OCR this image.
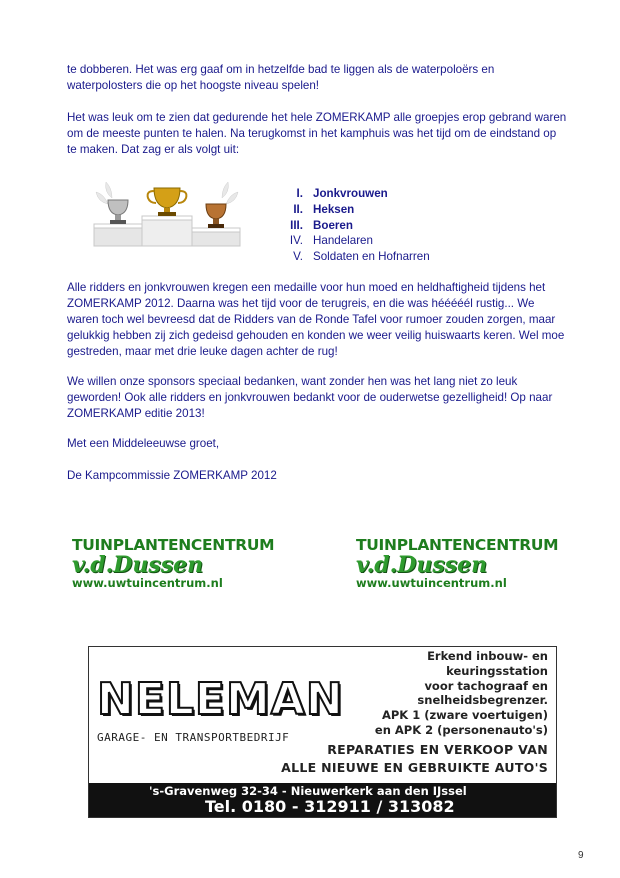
te dobberen. Het was erg gaaf om in hetzelfde bad te liggen als de waterpoloërs en waterpolosters die op het hoogste niveau spelen!

Het was leuk om te zien dat gedurende het hele ZOMERKAMP alle groepjes erop gebrand waren om de meeste punten te halen. Na terugkomst in het kamphuis was het tijd om de eindstand op te maken. Dat zag er als volgt uit:

I. Jonkvrouwen
II. Heksen
III. Boeren
IV. Handelaren
V. Soldaten en Hofnarren

Alle ridders en jonkvrouwen kregen een medaille voor hun moed en heldhaftigheid tijdens het ZOMERKAMP 2012. Daarna was het tijd voor de terugreis, en die was hééééél rustig... We waren toch wel bevreesd dat de Ridders van de Ronde Tafel voor rumoer zouden zorgen, maar gelukkig hebben zij zich gedeisd gehouden en konden we weer veilig huiswaarts keren. Wel moe gestreden, maar met drie leuke dagen achter de rug!

We willen onze sponsors speciaal bedanken, want zonder hen was het lang niet zo leuk geworden! Ook alle ridders en jonkvrouwen bedankt voor de ouderwetse gezelligheid! Op naar ZOMERKAMP editie 2013!

Met een Middeleeuwse groet,

De Kampcommissie ZOMERKAMP 2012

TUINPLANTENCENTRUM
v.d.Dussen
www.uwtuincentrum.nl
TUINPLANTENCENTRUM
v.d.Dussen
www.uwtuincentrum.nl
NELEMAN
GARAGE- EN TRANSPORTBEDRIJF
Erkend inbouw- en
keuringsstation
voor tachograaf en
snelheidsbegrenzer.
APK 1 (zware voertuigen)
en APK 2 (personenauto's)
REPARATIES EN VERKOOP VAN
ALLE NIEUWE EN GEBRUIKTE AUTO'S
's-Gravenweg 32-34 - Nieuwerkerk aan den IJssel
Tel. 0180 - 312911 / 313082
9
